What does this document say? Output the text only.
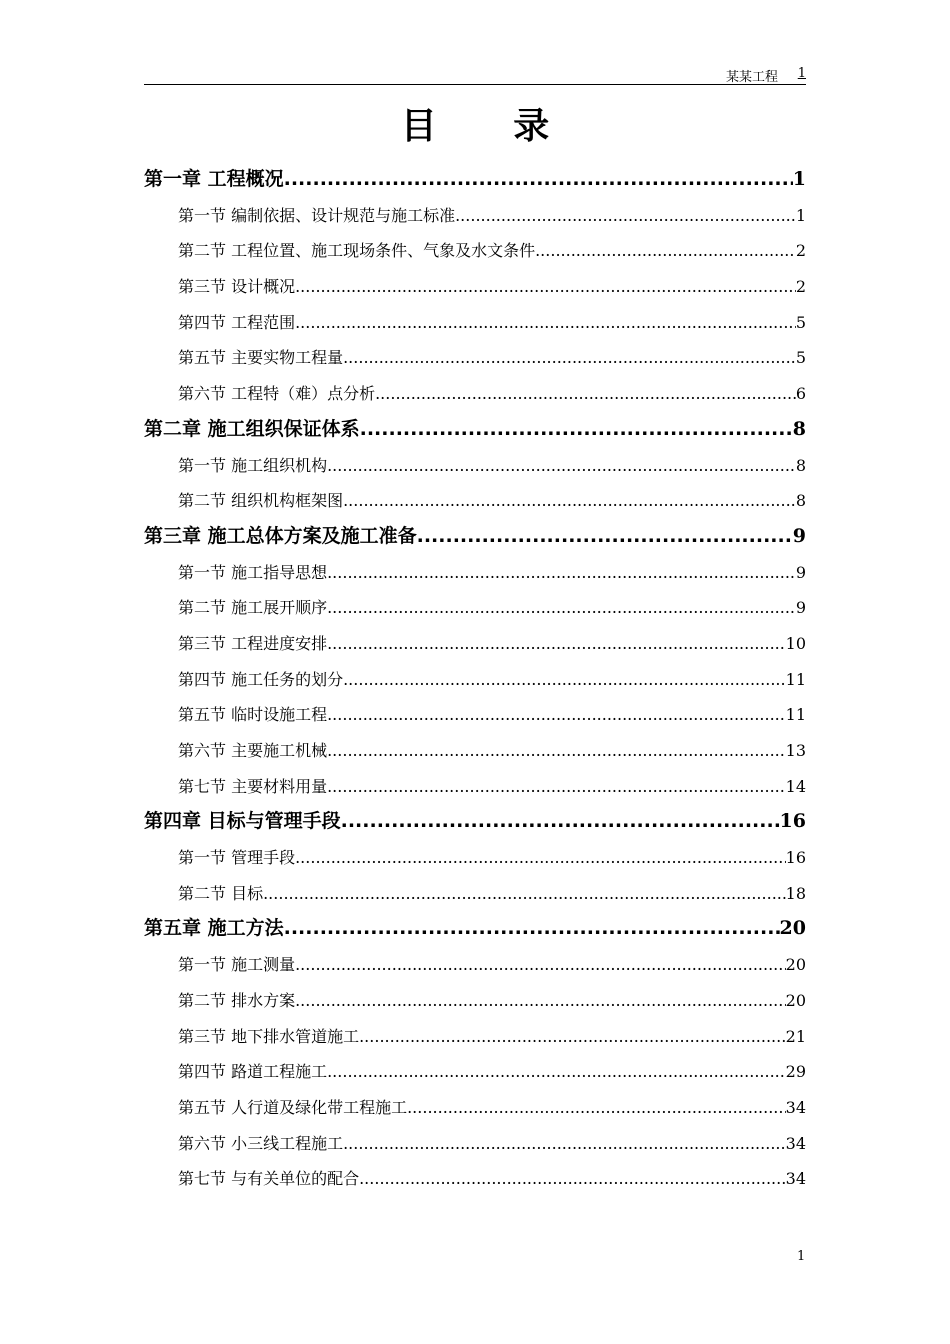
某某工程 1
目 录
第一章 工程概况 .....	1
第一节 编制依据、设计规范与施工标准 .....	1
第二节 工程位置、施工现场条件、气象及水文条件 .....	2
第三节 设计概况 .....	2
第四节 工程范围 .....	5
第五节 主要实物工程量 .....	5
第六节 工程特（难）点分析 .....	6
第二章 施工组织保证体系 .....	8
第一节 施工组织机构 .....	8
第二节 组织机构框架图 .....	8
第三章 施工总体方案及施工准备 .....	9
第一节 施工指导思想 .....	9
第二节 施工展开顺序 .....	9
第三节 工程进度安排 .....	10
第四节 施工任务的划分 .....	11
第五节 临时设施工程 .....	11
第六节 主要施工机械 .....	13
第七节 主要材料用量 .....	14
第四章 目标与管理手段 .....	16
第一节 管理手段 .....	16
第二节 目标 .....	18
第五章 施工方法 .....	20
第一节 施工测量 .....	20
第二节 排水方案 .....	20
第三节 地下排水管道施工 .....	21
第四节 路道工程施工 .....	29
第五节 人行道及绿化带工程施工 .....	34
第六节 小三线工程施工 .....	34
第七节 与有关单位的配合 .....	34
1
